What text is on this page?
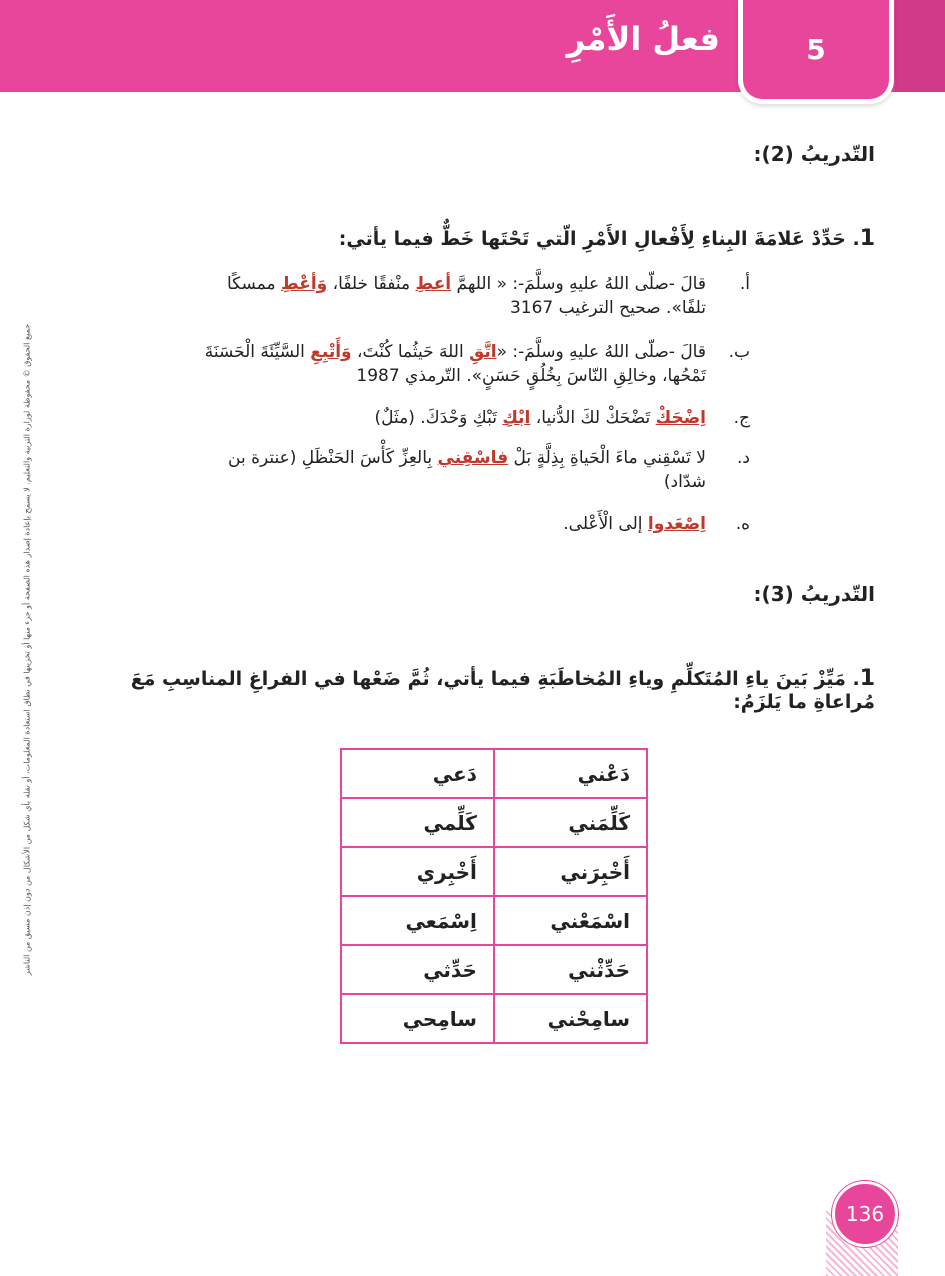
5
فعلُ الأَمْرِ
جميع الحقوق © محفوظة لوزارة التربية والتعليم. لا يسمح بإعادة إصدار هذه الصفحة أو جزء منها أو تخزينها في نطاق استعادة المعلومات، أو نقله بأي شكل من الأشكال من دون إذن مسبق من الناشر
التّدريبُ (2):
1. حَدِّدْ عَلامَةَ البِناءِ لِأَفْعالِ الأَمْرِ الّتي تَحْتَها خَطٌّ فيما يأتي:
أ.
قالَ -صلّى اللهُ عليهِ وسلَّمَ-: « اللهمَّ أعطِ منْفقًا خلفًا، وَأعْطِ ممسكًا تلفًا». صحيح الترغيب 3167
ب.
قالَ -صلّى اللهُ عليهِ وسلَّمَ-: «اتَّقِ اللهَ حَيثُما كُنْتَ، وَأَتْبِعِ السَّيِّئَةَ الْحَسَنَةَ تَمْحُها، وخالِقِ النّاسَ بِخُلُقٍ حَسَنٍ». التّرمذي 1987
ج.
اِضْحَكْ تَضْحَكْ لكَ الدُّنيا، ابْكِ تَبْكِ وَحْدَكَ. (مثَلٌ)
د.
لا تَسْقِني ماءَ الْحَياةِ بِذِلَّةٍ بَلْ فاسْقِني بِالعِزِّ كَأْسَ الحَنْظَلِ (عنترة بن شدّاد)
ه.
اِصْعَدوا إلى الْأَعْلى.
التّدريبُ (3):
1. مَيِّزْ بَينَ ياءِ المُتَكلِّمِ وياءِ المُخاطَبَةِ فيما يأتي، ثُمَّ ضَعْها في الفراغِ المناسِبِ مَعَ مُراعاةِ ما يَلزَمُ:
دَعْني	دَعي
كَلِّمَني	كَلِّمي
أَخْبِرَني	أَخْبِري
اسْمَعْني	اِسْمَعي
حَدِّثْني	حَدِّثي
سامِحْني	سامِحي
136
